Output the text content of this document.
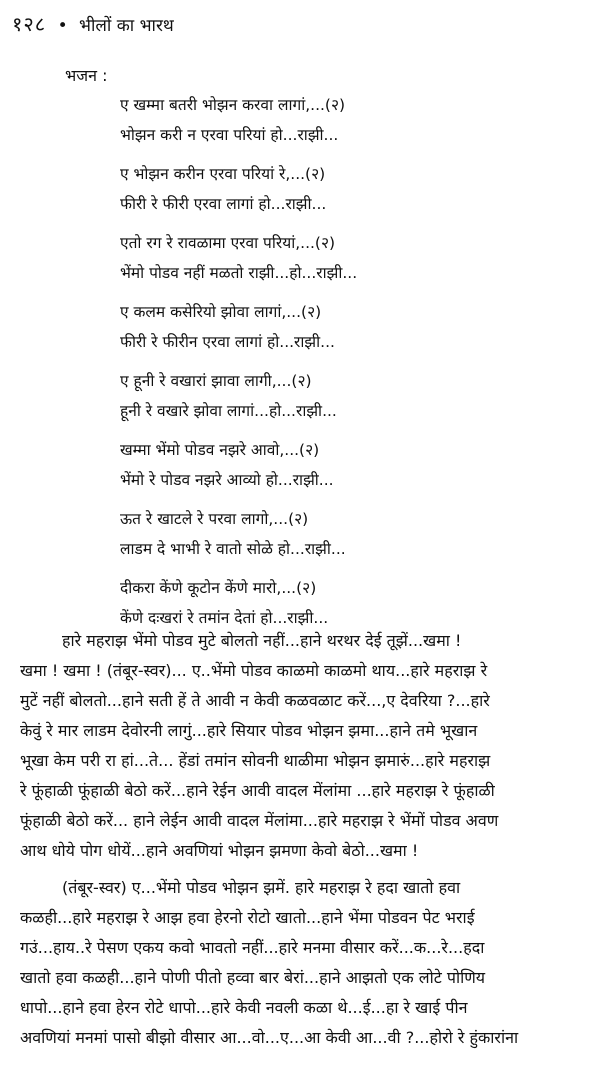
१२८ • भीलों का भारथ
भजन :
ए खम्मा बतरी भोझन करवा लागां,...(२)
भोझन करी न एरवा परियां हो...राझी...
ए भोझन करीन एरवा परियां रे,...(२)
फीरी रे फीरी एरवा लागां हो...राझी...
एतो रग रे रावळामा एरवा परियां,...(२)
भेंमो पोडव नहीं मळतो राझी...हो...राझी...
ए कलम कसेरियो झोवा लागां,...(२)
फीरी रे फीरीन एरवा लागां हो...राझी...
ए हूनी रे वखारां झावा लागी,...(२)
हूनी रे वखारे झोवा लागां...हो...राझी...
खम्मा भेंमो पोडव नझरे आवो,...(२)
भेंमो रे पोडव नझरे आव्यो हो...राझी...
ऊत रे खाटले रे परवा लागो,...(२)
लाडम दे भाभी रे वातो सोळे हो...राझी...
दीकरा केंणे कूटोन केंणे मारो,...(२)
केंणे दःखरां रे तमांन देतां हो...राझी...
हारे महराझ भेंमो पोडव मुटे बोलतो नहीं...हाने थरथर देई तूझें...खमा !
खमा ! खमा ! (तंबूर-स्वर)... ए..भेंमो पोडव काळमो काळमो थाय...हारे महराझ रे
मुटें नहीं बोलतो...हाने सती हें ते आवी न केवी कळवळाट करें...,ए देवरिया ?...हारे
केवुं रे मार लाडम देवोरनी लागुं...हारे सियार पोडव भोझन झमा...हाने तमे भूखान
भूखा केम परी रा हां...ते... हेंडां तमांन सोवनी थाळीमा भोझन झमारुं...हारे महराझ
रे फूंहाळी फूंहाळी बेठो करें...हाने रेईन आवी वादल मेंलांमा ...हारे महराझ रे फूंहाळी
फूंहाळी बेठो करें... हाने लेईन आवी वादल मेंलांमा...हारे महराझ रे भेंमों पोडव अवण
आथ धोये पोग धोयें...हाने अवणियां भोझन झमणा केवो बेठो...खमा !
(तंबूर-स्वर) ए...भेंमो पोडव भोझन झमें. हारे महराझ रे हदा खातो हवा
कळही...हारे महराझ रे आझ हवा हेरनो रोटो खातो...हाने भेंमा पोडवन पेट भराई
गउं...हाय..रे पेसण एकय कवो भावतो नहीं...हारे मनमा वीसार करें...क...रे...हदा
खातो हवा कळही...हाने पोणी पीतो हव्वा बार बेरां...हाने आझतो एक लोटे पोणिय
धापो...हाने हवा हेरन रोटे धापो...हारे केवी नवली कळा थे...ई...हा रे खाई पीन
अवणियां मनमां पासो बीझो वीसार आ...वो...ए...आ केवी आ...वी ?...होरो रे हुंकारांना
